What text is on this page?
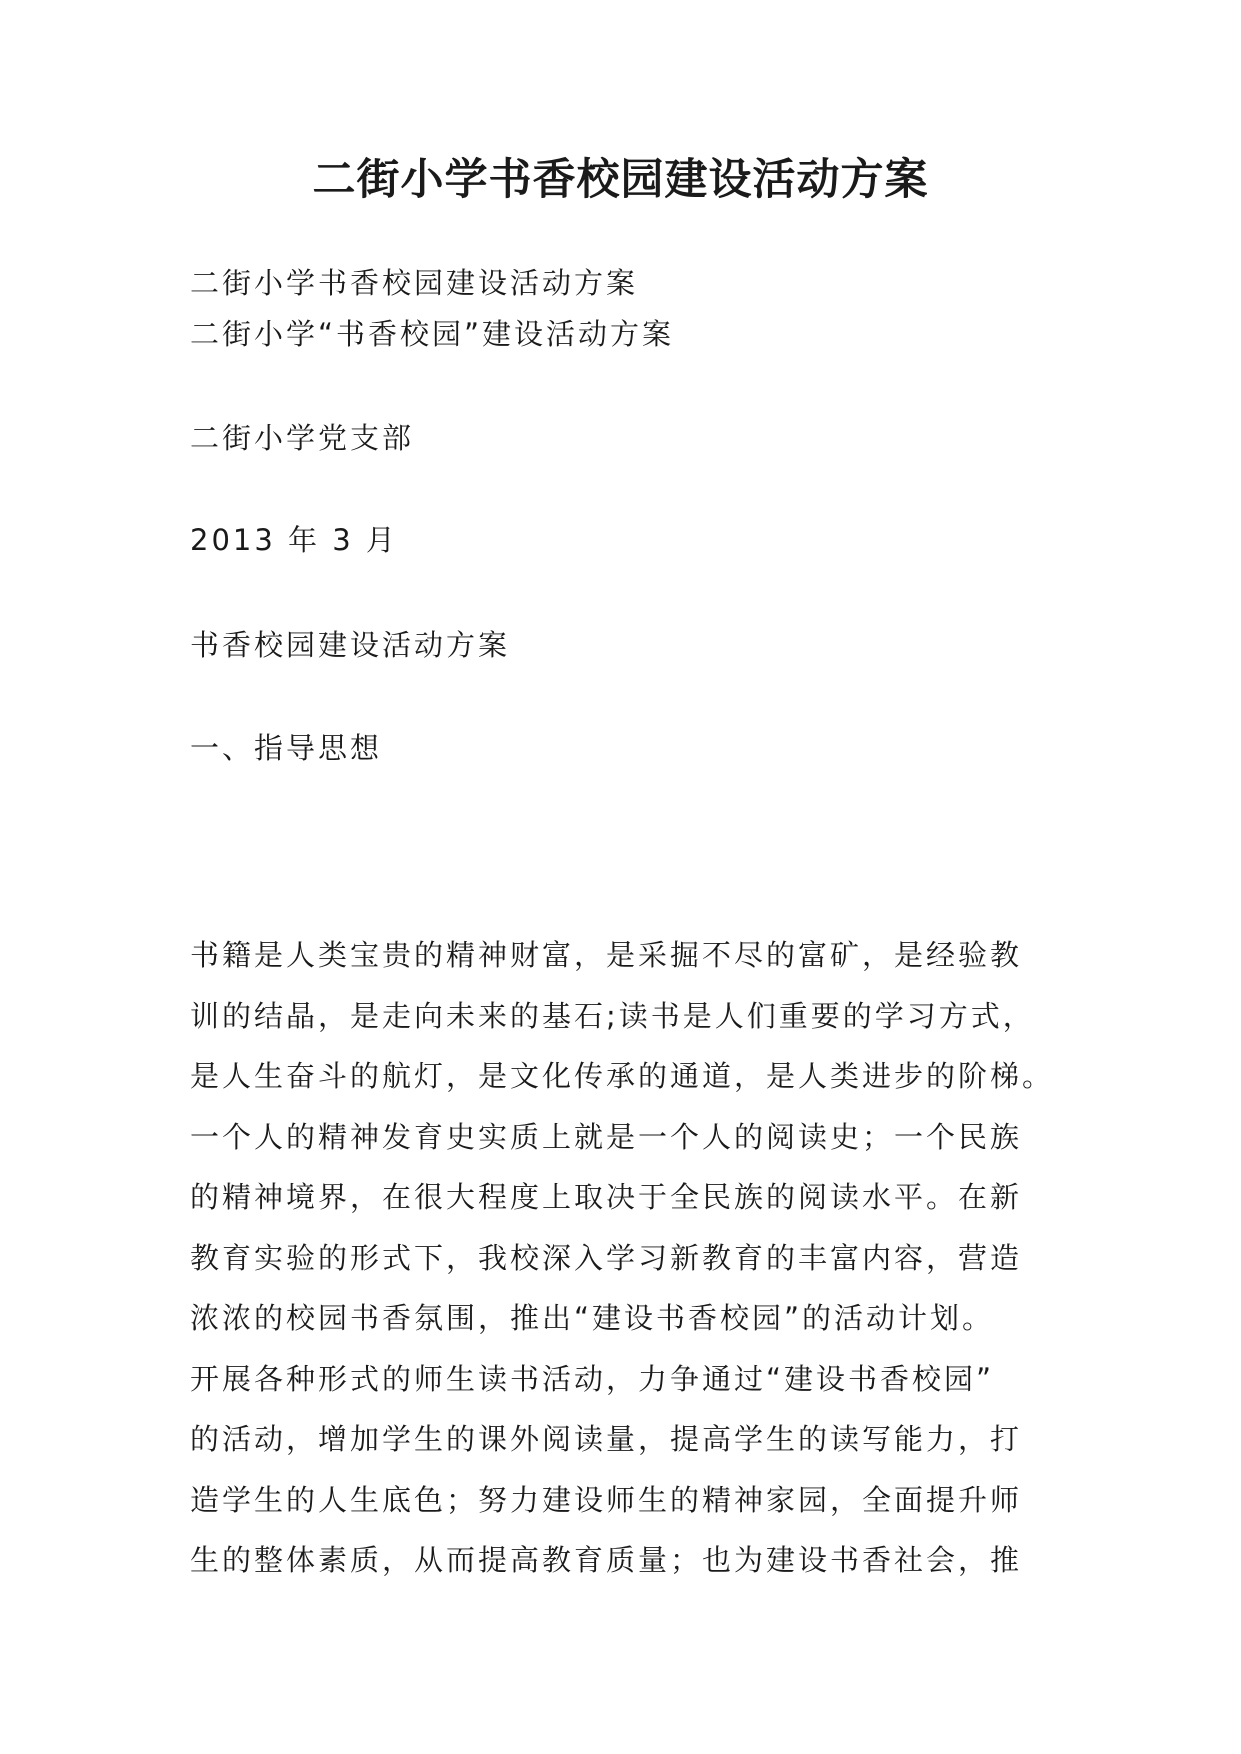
二街小学书香校园建设活动方案

二街小学书香校园建设活动方案

二街小学“书香校园”建设活动方案

二街小学党支部

2013 年 3 月

书香校园建设活动方案

一、指导思想

书籍是人类宝贵的精神财富，是采掘不尽的富矿，是经验教
训的结晶，是走向未来的基石;读书是人们重要的学习方式，
是人生奋斗的航灯，是文化传承的通道，是人类进步的阶梯。
一个人的精神发育史实质上就是一个人的阅读史；一个民族
的精神境界，在很大程度上取决于全民族的阅读水平。在新
教育实验的形式下，我校深入学习新教育的丰富内容，营造
浓浓的校园书香氛围，推出“建设书香校园”的活动计划。
开展各种形式的师生读书活动，力争通过“建设书香校园”
的活动，增加学生的课外阅读量，提高学生的读写能力，打
造学生的人生底色；努力建设师生的精神家园，全面提升师
生的整体素质，从而提高教育质量；也为建设书香社会，推
